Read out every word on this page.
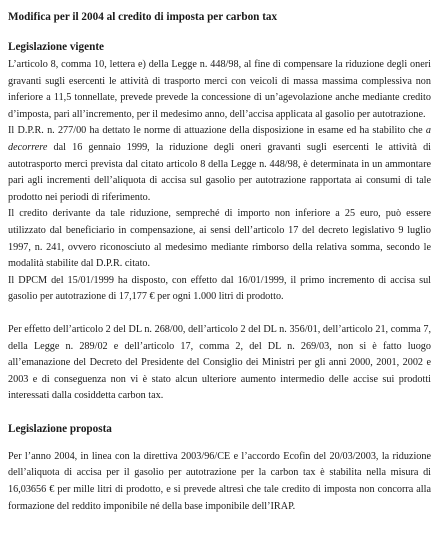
Modifica per il 2004 al credito di imposta per carbon tax
Legislazione vigente

L’articolo 8, comma 10, lettera e) della Legge n. 448/98, al fine di compensare la riduzione degli oneri gravanti sugli esercenti le attività di trasporto merci con veicoli di massa massima complessiva non inferiore a 11,5 tonnellate, prevede prevede la concessione di un’agevolazione anche mediante credito d’imposta, pari all’incremento, per il medesimo anno, dell’accisa applicata al gasolio per autotrazione.

Il D.P.R. n. 277/00 ha dettato le norme di attuazione della disposizione in esame ed ha stabilito che a decorrere dal 16 gennaio 1999, la riduzione degli oneri gravanti sugli esercenti le attività di autotrasporto merci prevista dal citato articolo 8 della Legge n. 448/98, è determinata in un ammontare pari agli incrementi dell’aliquota di accisa sul gasolio per autotrazione rapportata ai consumi di tale prodotto nei periodi di riferimento.

Il credito derivante da tale riduzione, sempreché di importo non inferiore a 25 euro, può essere utilizzato dal beneficiario in compensazione, ai sensi dell’articolo 17 del decreto legislativo 9 luglio 1997, n. 241, ovvero riconosciuto al medesimo mediante rimborso della relativa somma, secondo le modalità stabilite dal D.P.R. citato.

Il DPCM del 15/01/1999 ha disposto, con effetto dal 16/01/1999, il primo incremento di accisa sul gasolio per autotrazione di 17,177 € per ogni 1.000 litri di prodotto.

Per effetto dell’articolo 2 del DL n. 268/00, dell’articolo 2 del DL n. 356/01, dell’articolo 21, comma 7, della Legge n. 289/02 e dell’articolo 17, comma 2, del DL n. 269/03, non si è fatto luogo all’emanazione del Decreto del Presidente del Consiglio dei Ministri per gli anni 2000, 2001, 2002 e 2003 e di conseguenza non vi è stato alcun ulteriore aumento intermedio delle accise sui prodotti interessati dalla cosiddetta carbon tax.

Legislazione proposta

Per l’anno 2004, in linea con la direttiva 2003/96/CE e l’accordo Ecofin del 20/03/2003, la riduzione dell’aliquota di accisa per il gasolio per autotrazione per la carbon tax è stabilita nella misura di 16,03656 € per mille litri di prodotto, e si prevede altresì che tale credito di imposta non concorra alla formazione del reddito imponibile né della base imponibile dell’IRAP.
